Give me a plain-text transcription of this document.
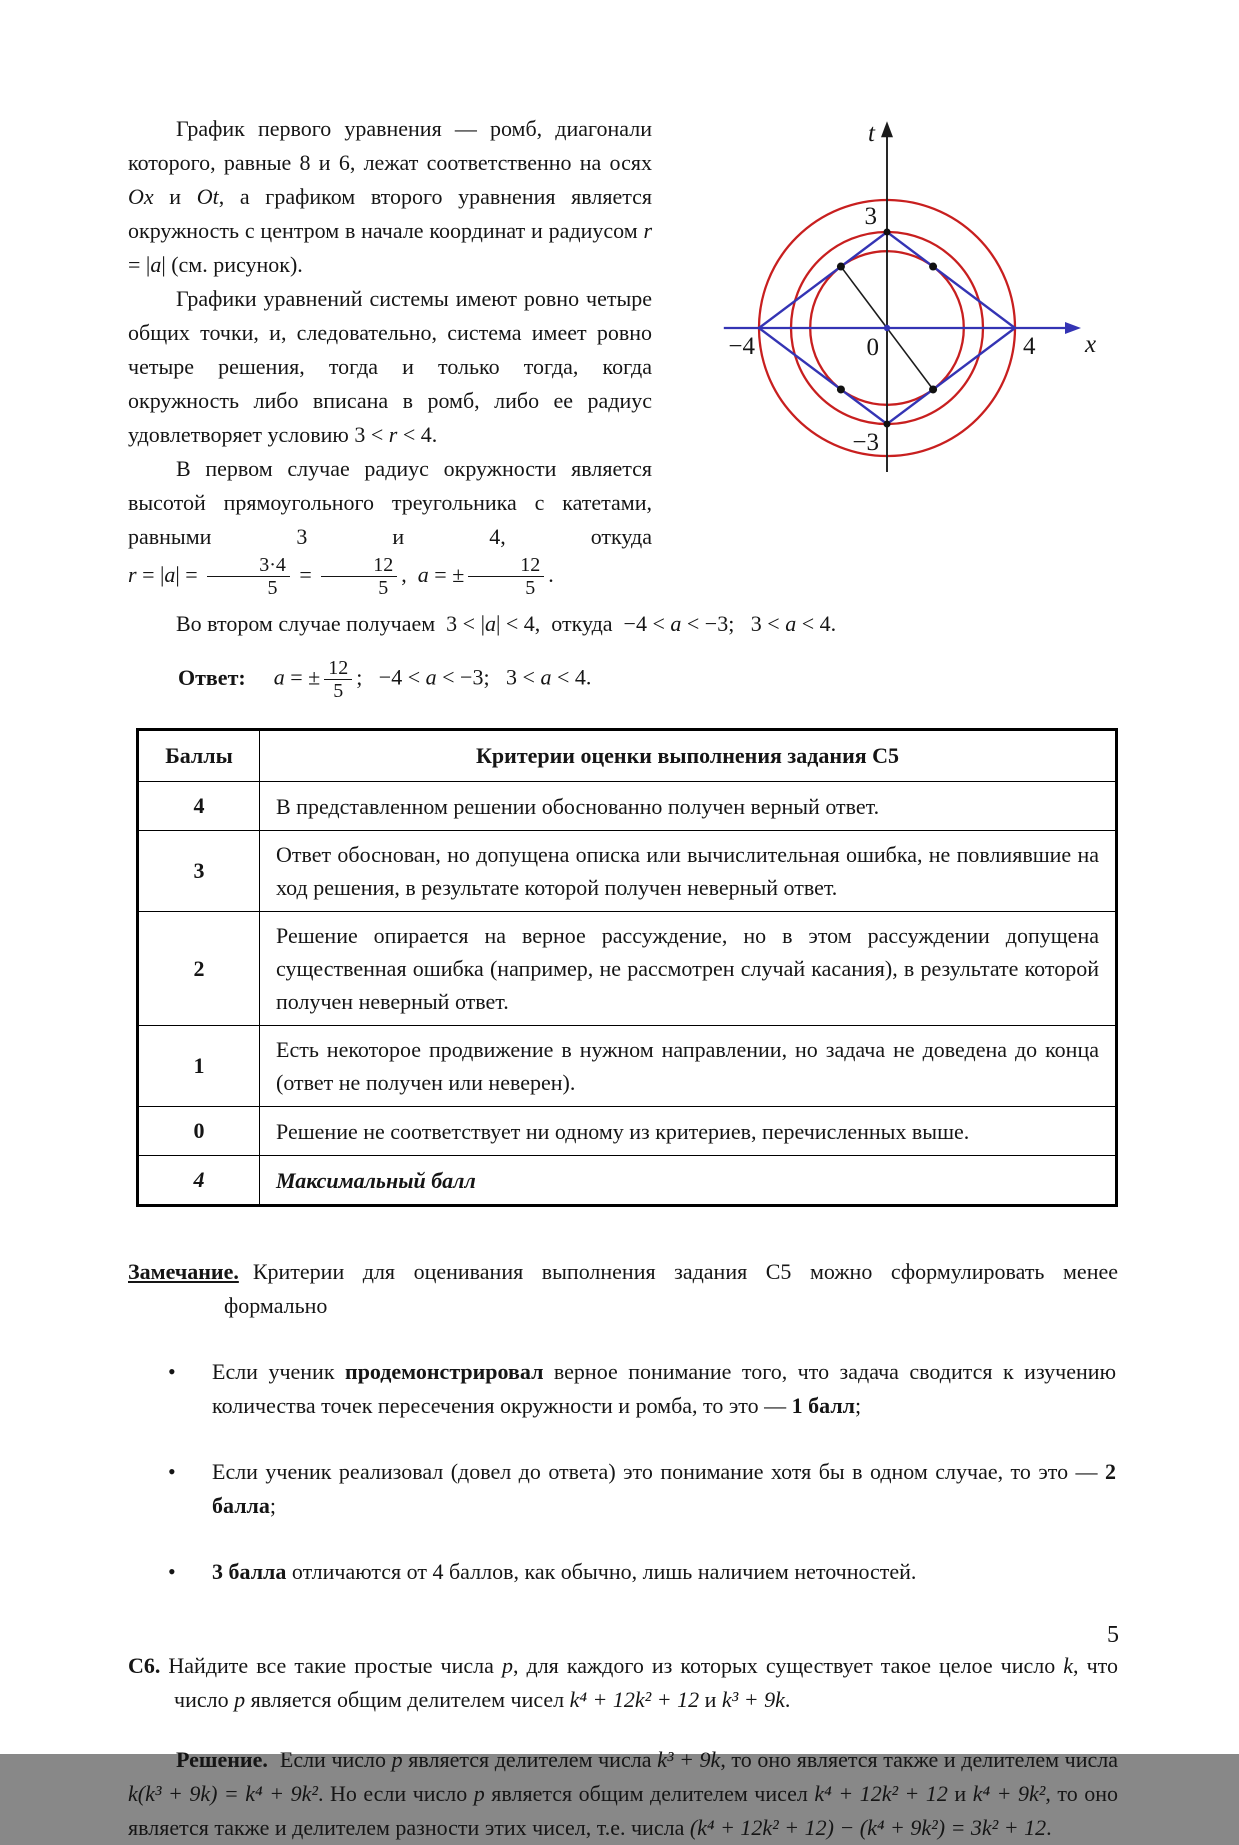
График первого уравнения — ромб, диагонали которого, равные 8 и 6, лежат соответственно на осях Ox и Ot, а графиком второго уравнения является окружность с центром в начале координат и радиусом r = |a| (см. рисунок).

Графики уравнений системы имеют ровно четыре общих точки, и, следовательно, система имеет ровно четыре решения, тогда и только тогда, когда окружность либо вписана в ромб, либо ее радиус удовлетворяет условию 3 < r < 4.

В первом случае радиус окружности является высотой прямоугольного треугольника с катетами, равными 3 и 4, откуда $r = |a| = \frac{3\cdot 4}{5} = \frac{12}{5}$ ,  a = ± $\frac{12}{5}$ .

t
x
0
3
−3
−4	4

Во втором случае получаем  3 < |a| < 4,  откуда  −4 < a < −3;   3 < a < 4.

Ответ: a = ± $\frac{12}{5}$ ;   −4 < a < −3;   3 < a < 4.

Баллы	Критерии оценки выполнения задания С5
4	В представленном решении обоснованно получен верный ответ.
3	Ответ обоснован, но допущена описка или вычислительная ошибка, не повлиявшие на ход решения, в результате которой получен неверный ответ.
2	Решение опирается на верное рассуждение, но в этом рассуждении допущена существенная ошибка (например, не рассмотрен случай касания), в результате которой получен неверный ответ.
1	Есть некоторое продвижение в нужном направлении, но задача не доведена до конца (ответ не получен или неверен).
0	Решение не соответствует ни одному из критериев, перечисленных выше.
4	Максимальный балл
Замечание. Критерии для оценивания выполнения задания С5 можно сформулировать менее формально
•	Если ученик продемонстрировал верное понимание того, что задача сводится к изучению количества точек пересечения окружности и ромба, то это — 1 балл;
•	Если ученик реализовал (довел до ответа) это понимание хотя бы в одном случае, то это — 2 балла;
•	3 балла отличаются от 4 баллов, как обычно, лишь наличием неточностей.
С6. Найдите все такие простые числа p, для каждого из которых существует такое целое число k, что число p является общим делителем чисел k⁴ + 12k² + 12 и k³ + 9k.
Решение. Если число p является делителем числа k³ + 9k, то оно является также и делителем числа k(k³ + 9k) = k⁴ + 9k². Но если число p является общим делителем чисел k⁴ + 12k² + 12 и k⁴ + 9k², то оно является также и делителем разности этих чисел, т.е. числа (k⁴ + 12k² + 12) − (k⁴ + 9k²) = 3k² + 12.
5
